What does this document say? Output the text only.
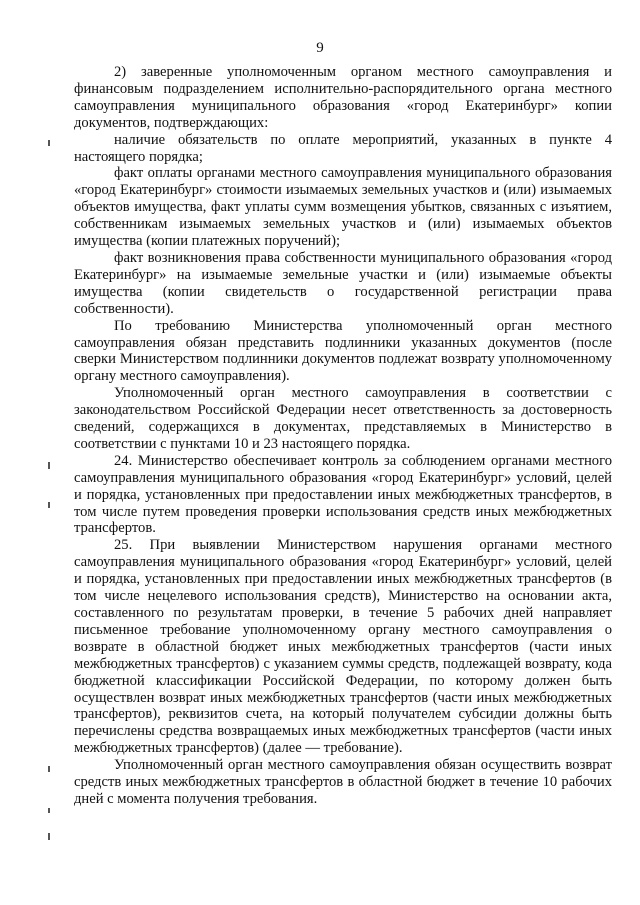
9

2) заверенные уполномоченным органом местного самоуправления и финансовым подразделением исполнительно-распорядительного органа местного самоуправления муниципального образования «город Екатеринбург» копии документов, подтверждающих:

наличие обязательств по оплате мероприятий, указанных в пункте 4 настоящего порядка;

факт оплаты органами местного самоуправления муниципального образования «город Екатеринбург» стоимости изымаемых земельных участков и (или) изымаемых объектов имущества, факт уплаты сумм возмещения убытков, связанных с изъятием, собственникам изымаемых земельных участков и (или) изымаемых объектов имущества (копии платежных поручений);

факт возникновения права собственности муниципального образования «город Екатеринбург» на изымаемые земельные участки и (или) изымаемые объекты имущества (копии свидетельств о государственной регистрации права собственности).

По требованию Министерства уполномоченный орган местного самоуправления обязан представить подлинники указанных документов (после сверки Министерством подлинники документов подлежат возврату уполномоченному органу местного самоуправления).

Уполномоченный орган местного самоуправления в соответствии с законодательством Российской Федерации несет ответственность за достоверность сведений, содержащихся в документах, представляемых в Министерство в соответствии с пунктами 10 и 23 настоящего порядка.

24. Министерство обеспечивает контроль за соблюдением органами местного самоуправления муниципального образования «город Екатеринбург» условий, целей и порядка, установленных при предоставлении иных межбюджетных трансфертов, в том числе путем проведения проверки использования средств иных межбюджетных трансфертов.

25. При выявлении Министерством нарушения органами местного самоуправления муниципального образования «город Екатеринбург» условий, целей и порядка, установленных при предоставлении иных межбюджетных трансфертов (в том числе нецелевого использования средств), Министерство на основании акта, составленного по результатам проверки, в течение 5 рабочих дней направляет письменное требование уполномоченному органу местного самоуправления о возврате в областной бюджет иных межбюджетных трансфертов (части иных межбюджетных трансфертов) с указанием суммы средств, подлежащей возврату, кода бюджетной классификации Российской Федерации, по которому должен быть осуществлен возврат иных межбюджетных трансфертов (части иных межбюджетных трансфертов), реквизитов счета, на который получателем субсидии должны быть перечислены средства возвращаемых иных межбюджетных трансфертов (части иных межбюджетных трансфертов) (далее — требование).

Уполномоченный орган местного самоуправления обязан осуществить возврат средств иных межбюджетных трансфертов в областной бюджет в течение 10 рабочих дней с момента получения требования.
